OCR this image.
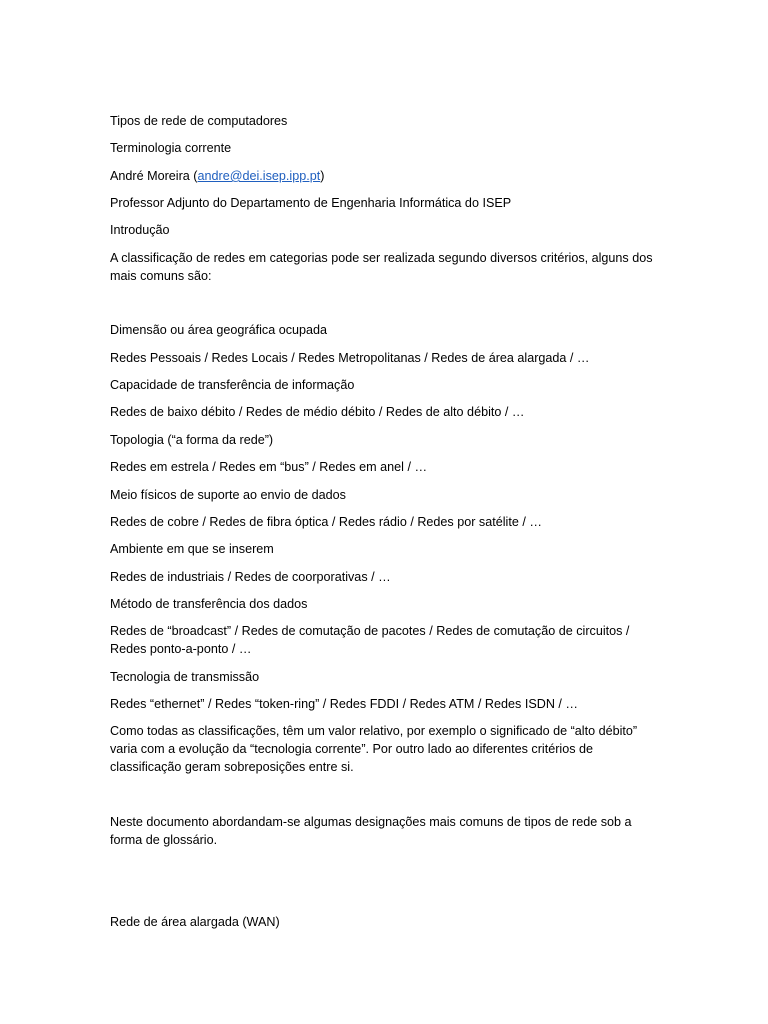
Tipos de rede de computadores

Terminologia corrente

André Moreira (andre@dei.isep.ipp.pt)

Professor Adjunto do Departamento de Engenharia Informática do ISEP

Introdução

A classificação de redes em categorias pode ser realizada segundo diversos critérios, alguns dos mais comuns são:

Dimensão ou área geográfica ocupada

Redes Pessoais / Redes Locais / Redes Metropolitanas / Redes de área alargada / …

Capacidade de transferência de informação

Redes de baixo débito / Redes de médio débito / Redes de alto débito / …

Topologia (“a forma da rede”)

Redes em estrela / Redes em “bus” / Redes em anel / …

Meio físicos de suporte ao envio de dados

Redes de cobre / Redes de fibra óptica / Redes rádio / Redes por satélite / …

Ambiente em que se inserem

Redes de industriais / Redes de coorporativas / …

Método de transferência dos dados

Redes de “broadcast” / Redes de comutação de pacotes / Redes de comutação de circuitos / Redes ponto-a-ponto / …

Tecnologia de transmissão

Redes “ethernet” / Redes “token-ring” / Redes FDDI / Redes ATM / Redes ISDN / …

Como todas as classificações, têm um valor relativo, por exemplo o significado de “alto débito” varia com a evolução da “tecnologia corrente”. Por outro lado ao diferentes critérios de classificação geram sobreposições entre si.

Neste documento abordandam-se algumas designações mais comuns de tipos de rede sob a forma de glossário.

Rede de área alargada (WAN)
